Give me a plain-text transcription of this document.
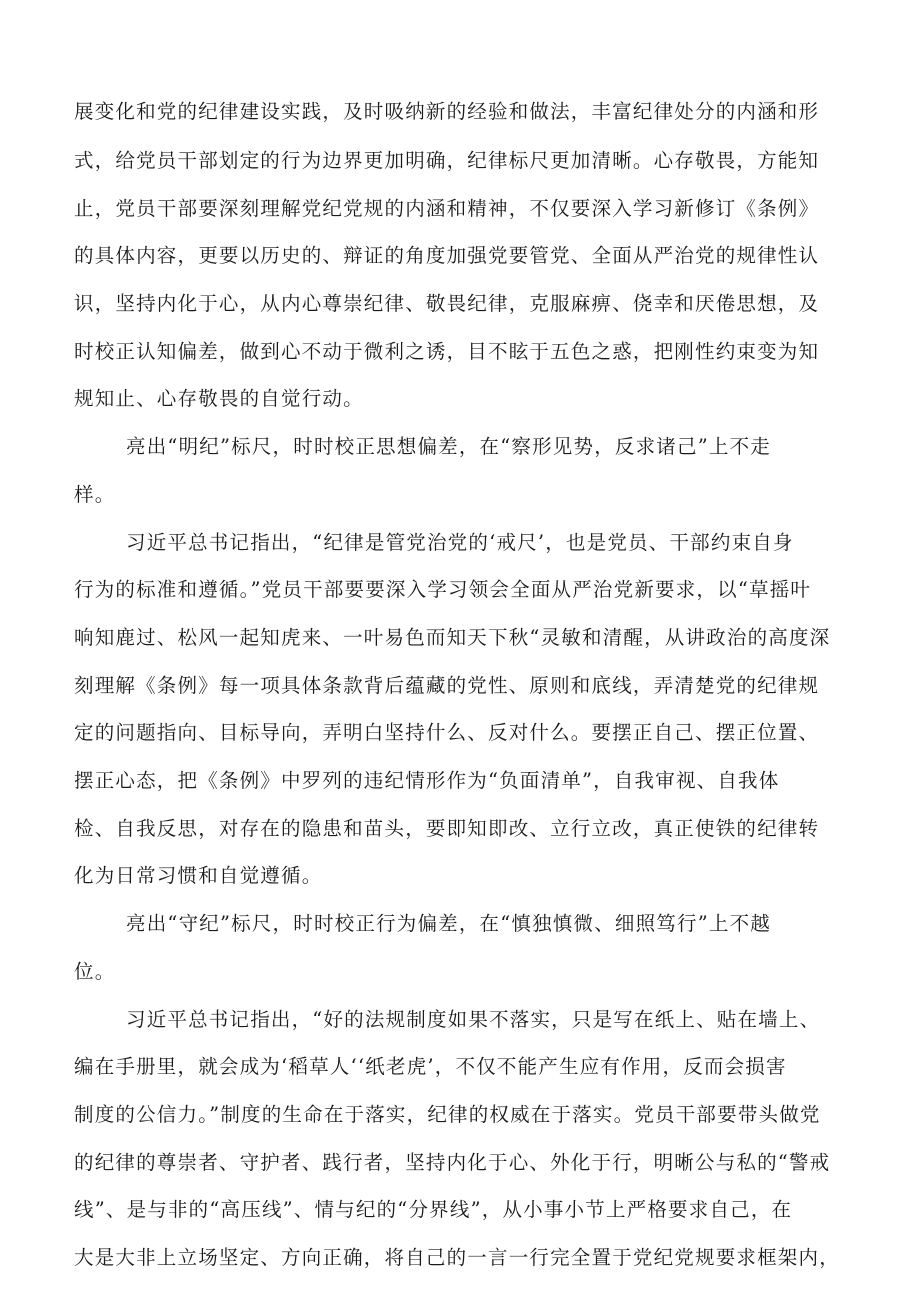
展变化和党的纪律建设实践，及时吸纳新的经验和做法，丰富纪律处分的内涵和形
式，给党员干部划定的行为边界更加明确，纪律标尺更加清晰。心存敬畏，方能知
止，党员干部要深刻理解党纪党规的内涵和精神，不仅要深入学习新修订《条例》
的具体内容，更要以历史的、辩证的角度加强党要管党、全面从严治党的规律性认
识，坚持内化于心，从内心尊崇纪律、敬畏纪律，克服麻痹、侥幸和厌倦思想，及
时校正认知偏差，做到心不动于微利之诱，目不眩于五色之惑，把刚性约束变为知
规知止、心存敬畏的自觉行动。
亮出“明纪”标尺，时时校正思想偏差，在“察形见势，反求诸己”上不走
样。
习近平总书记指出，“纪律是管党治党的‘戒尺’，也是党员、干部约束自身
行为的标准和遵循。”党员干部要要深入学习领会全面从严治党新要求，以“草摇叶
响知鹿过、松风一起知虎来、一叶易色而知天下秋“灵敏和清醒，从讲政治的高度深
刻理解《条例》每一项具体条款背后蕴藏的党性、原则和底线，弄清楚党的纪律规
定的问题指向、目标导向，弄明白坚持什么、反对什么。要摆正自己、摆正位置、
摆正心态，把《条例》中罗列的违纪情形作为“负面清单”，自我审视、自我体
检、自我反思，对存在的隐患和苗头，要即知即改、立行立改，真正使铁的纪律转
化为日常习惯和自觉遵循。
亮出“守纪”标尺，时时校正行为偏差，在“慎独慎微、细照笃行”上不越
位。
习近平总书记指出，“好的法规制度如果不落实，只是写在纸上、贴在墙上、
编在手册里，就会成为‘稻草人‘‘纸老虎’，不仅不能产生应有作用，反而会损害
制度的公信力。”制度的生命在于落实，纪律的权威在于落实。党员干部要带头做党
的纪律的尊崇者、守护者、践行者，坚持内化于心、外化于行，明晰公与私的“警戒
线”、是与非的“高压线”、情与纪的“分界线”，从小事小节上严格要求自己，在
大是大非上立场坚定、方向正确，将自己的一言一行完全置于党纪党规要求框架内，
